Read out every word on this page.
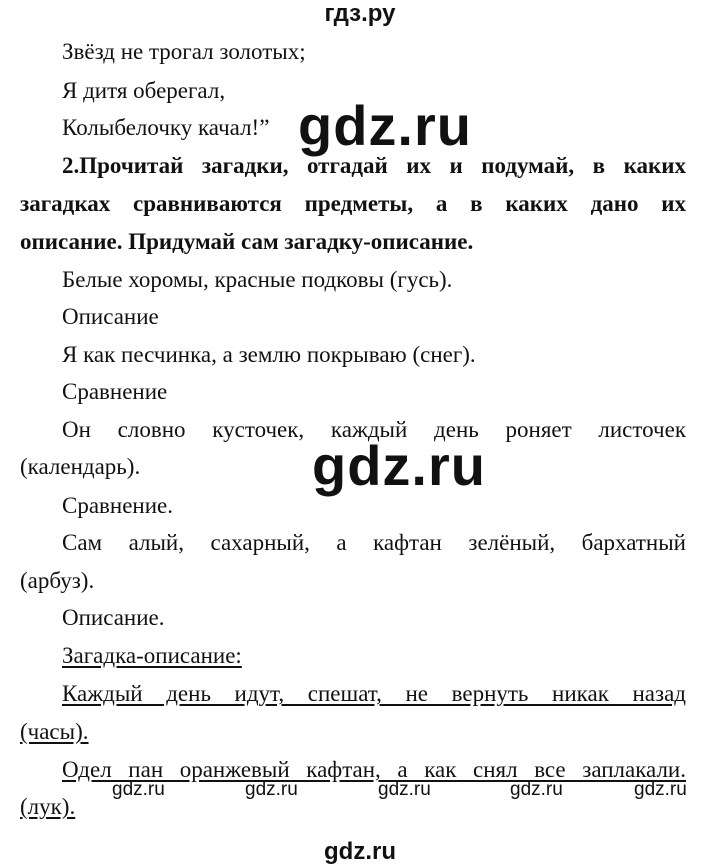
гдз.ру
Звёзд не трогал золотых;
Я дитя оберегал,
Колыбелочку качал!”
2.Прочитай загадки, отгадай их и подумай, в каких
загадках сравниваются предметы, а в каких дано их
описание. Придумай сам загадку-описание.
Белые хоромы, красные подковы (гусь).
Описание
Я как песчинка, а землю покрываю (снег).
Сравнение
Он словно кусточек, каждый день роняет листочек
(календарь).
Сравнение.
Сам алый, сахарный, а кафтан зелёный, бархатный
(арбуз).
Описание.
Загадка-описание:
Каждый день идут, спешат, не вернуть никак назад
(часы).
Одел пан оранжевый кафтан, а как снял все заплакали.
(лук).
gdz.ru
gdz.ru
gdz.ru	gdz.ru	gdz.ru	gdz.ru	gdz.ru
gdz.ru
